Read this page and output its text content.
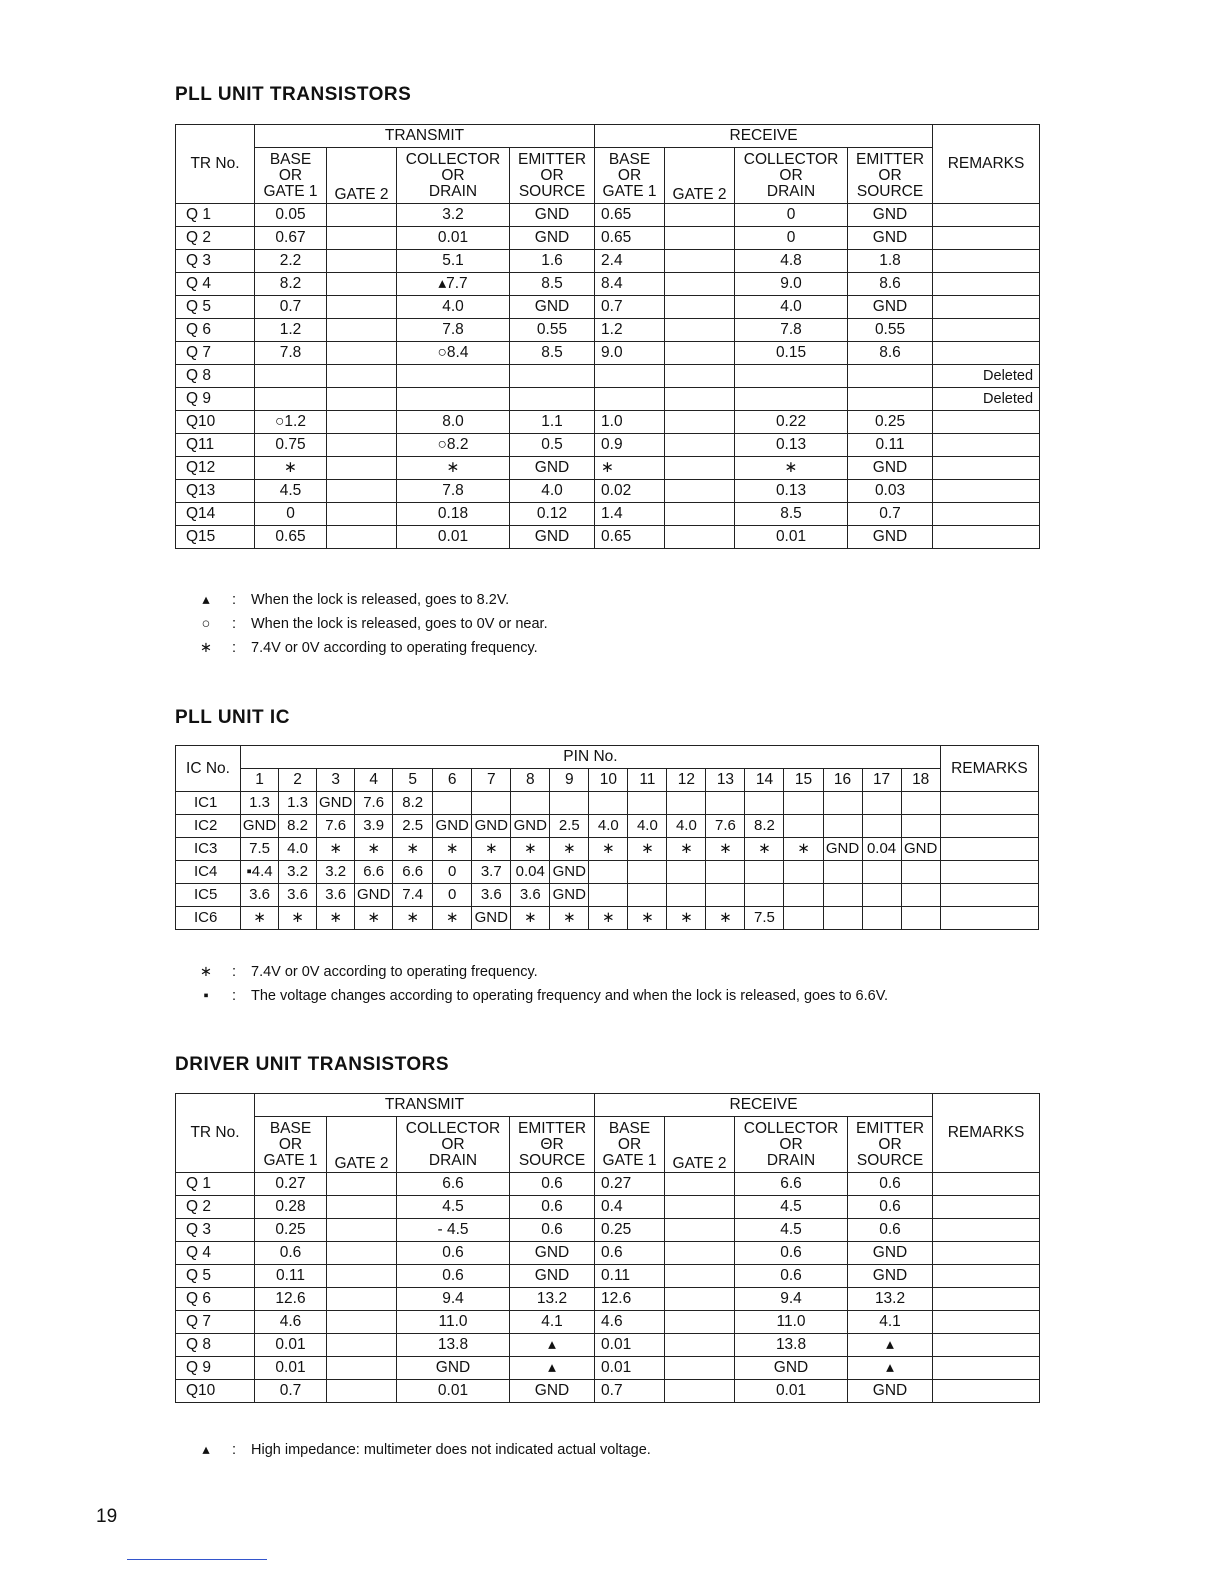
PLL UNIT TRANSISTORS
TR No.	TRANSMIT				RECEIVE				REMARKS
	BASE
OR
GATE 1	GATE 2	COLLECTOR
OR
DRAIN	EMITTER
OR
SOURCE	BASE
OR
GATE 1	GATE 2	COLLECTOR
OR
DRAIN	EMITTER
OR
SOURCE	
Q 1	0.05		3.2	GND	0.65		0	GND	
Q 2	0.67		0.01	GND	0.65		0	GND	
Q 3	2.2		5.1	1.6	2.4		4.8	1.8	
Q 4	8.2		▴7.7	8.5	8.4		9.0	8.6	
Q 5	0.7		4.0	GND	0.7		4.0	GND	
Q 6	1.2		7.8	0.55	1.2		7.8	0.55	
Q 7	7.8		○8.4	8.5	9.0		0.15	8.6	
Q 8									Deleted
Q 9									Deleted
Q10	○1.2		8.0	1.1	1.0		0.22	0.25	
Q11	0.75		○8.2	0.5	0.9		0.13	0.11	
Q12	∗		∗	GND	∗		∗	GND	
Q13	4.5		7.8	4.0	0.02		0.13	0.03	
Q14	0		0.18	0.12	1.4		8.5	0.7	
Q15	0.65		0.01	GND	0.65		0.01	GND	
▴	:	When the lock is released, goes to 8.2V.
○	:	When the lock is released, goes to 0V or near.
∗	:	7.4V or 0V according to operating frequency.
PLL UNIT IC
IC No.	PIN No.																		REMARKS
	1	2	3	4	5	6	7	8	9	10	11	12	13	14	15	16	17	18	
IC1	1.3	1.3	GND	7.6	8.2														
IC2	GND	8.2	7.6	3.9	2.5	GND	GND	GND	2.5	4.0	4.0	4.0	7.6	8.2					
IC3	7.5	4.0	∗	∗	∗	∗	∗	∗	∗	∗	∗	∗	∗	∗	∗	GND	0.04	GND	
IC4	▪4.4	3.2	3.2	6.6	6.6	0	3.7	0.04	GND										
IC5	3.6	3.6	3.6	GND	7.4	0	3.6	3.6	GND										
IC6	∗	∗	∗	∗	∗	∗	GND	∗	∗	∗	∗	∗	∗	7.5					
∗	:	7.4V or 0V according to operating frequency.
▪	:	The voltage changes according to operating frequency and when the lock is released, goes to 6.6V.
DRIVER UNIT TRANSISTORS
TR No.	TRANSMIT				RECEIVE				REMARKS
	BASE
OR
GATE 1	GATE 2	COLLECTOR
OR
DRAIN	EMITTER
ΘR
SOURCE	BASE
OR
GATE 1	GATE 2	COLLECTOR
OR
DRAIN	EMITTER
OR
SOURCE	
Q 1	0.27		6.6	0.6	0.27		6.6	0.6	
Q 2	0.28		4.5	0.6	0.4		4.5	0.6	
Q 3	0.25		- 4.5	0.6	0.25		4.5	0.6	
Q 4	0.6		0.6	GND	0.6		0.6	GND	
Q 5	0.11		0.6	GND	0.11		0.6	GND	
Q 6	12.6		9.4	13.2	12.6		9.4	13.2	
Q 7	4.6		11.0	4.1	4.6		11.0	4.1	
Q 8	0.01		13.8	▴	0.01		13.8	▴	
Q 9	0.01		GND	▴	0.01		GND	▴	
Q10	0.7		0.01	GND	0.7		0.01	GND	
▴	:	High impedance: multimeter does not indicated actual voltage.
19
